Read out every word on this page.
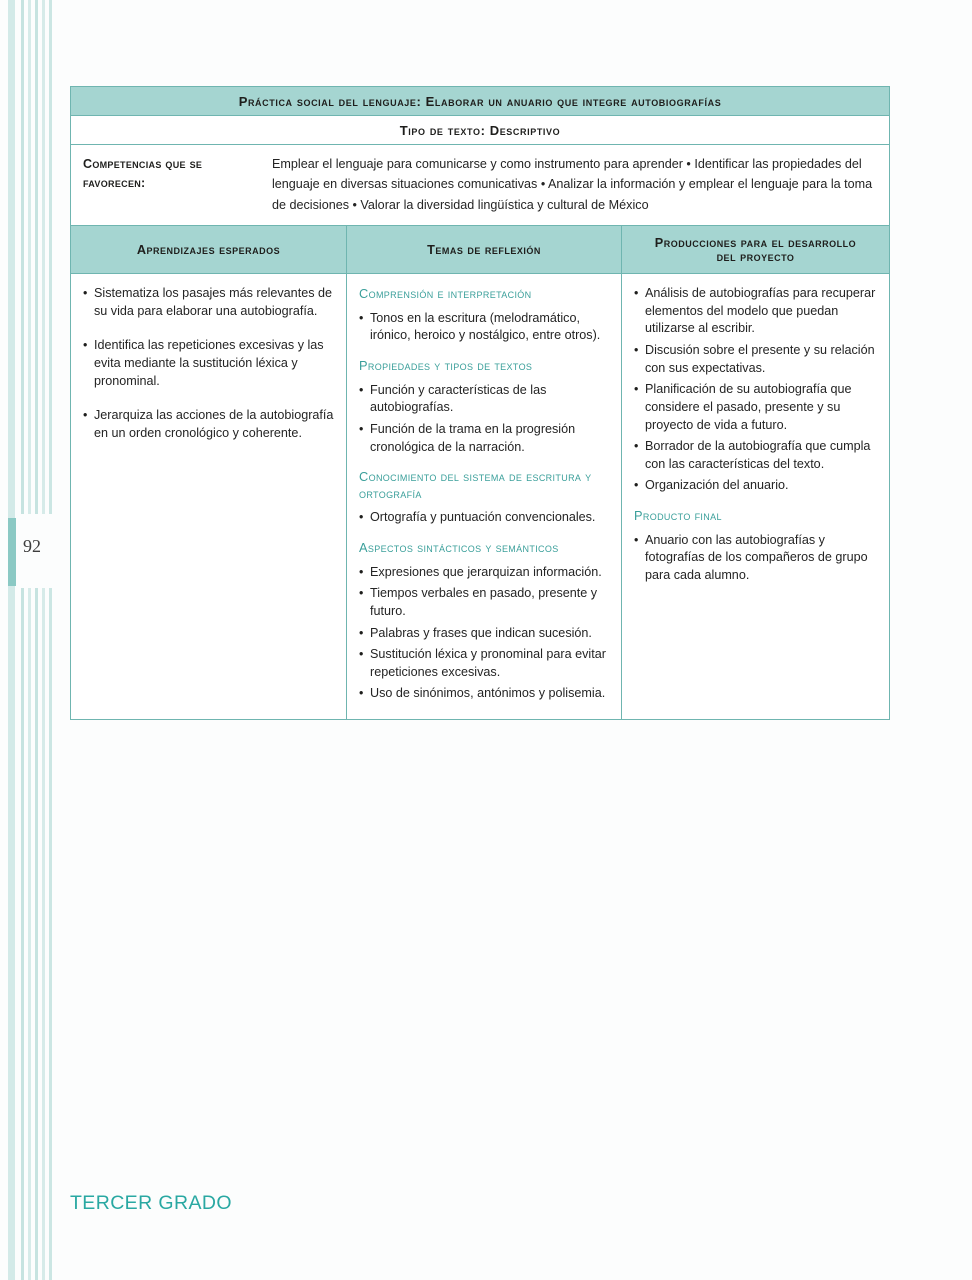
92
Práctica social del lenguaje: Elaborar un anuario que integre autobiografías
Tipo de texto: Descriptivo
Competencias que se favorecen:
Emplear el lenguaje para comunicarse y como instrumento para aprender • Identificar las propiedades del lenguaje en diversas situaciones comunicativas • Analizar la información y emplear el lenguaje para la toma de decisiones • Valorar la diversidad lingüística y cultural de México
Aprendizajes esperados	Temas de reflexión	Producciones para el desarrollo del proyecto
• Sistematiza los pasajes más relevantes de su vida para elaborar una autobiografía.
• Identifica las repeticiones excesivas y las evita mediante la sustitución léxica y pronominal.
• Jerarquiza las acciones de la autobiografía en un orden cronológico y coherente.
Comprensión e interpretación
• Tonos en la escritura (melodramático, irónico, heroico y nostálgico, entre otros).
Propiedades y tipos de textos
• Función y características de las autobiografías.
• Función de la trama en la progresión cronológica de la narración.
Conocimiento del sistema de escritura y ortografía
• Ortografía y puntuación convencionales.
Aspectos sintácticos y semánticos
• Expresiones que jerarquizan información.
• Tiempos verbales en pasado, presente y futuro.
• Palabras y frases que indican sucesión.
• Sustitución léxica y pronominal para evitar repeticiones excesivas.
• Uso de sinónimos, antónimos y polisemia.
• Análisis de autobiografías para recuperar elementos del modelo que puedan utilizarse al escribir.
• Discusión sobre el presente y su relación con sus expectativas.
• Planificación de su autobiografía que considere el pasado, presente y su proyecto de vida a futuro.
• Borrador de la autobiografía que cumpla con las características del texto.
• Organización del anuario.
Producto final
• Anuario con las autobiografías y fotografías de los compañeros de grupo para cada alumno.
TERCER GRADO
